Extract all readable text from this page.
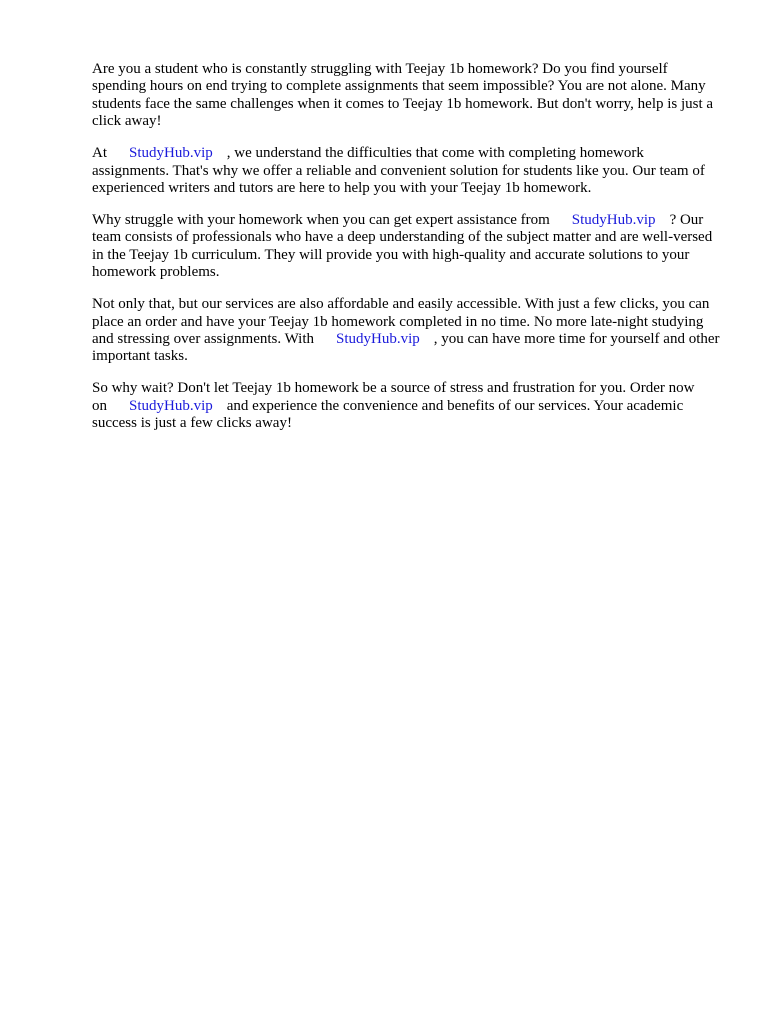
Are you a student who is constantly struggling with Teejay 1b homework? Do you find yourself spending hours on end trying to complete assignments that seem impossible? You are not alone. Many students face the same challenges when it comes to Teejay 1b homework. But don't worry, help is just a click away!

At StudyHub.vip , we understand the difficulties that come with completing homework assignments. That's why we offer a reliable and convenient solution for students like you. Our team of experienced writers and tutors are here to help you with your Teejay 1b homework.

Why struggle with your homework when you can get expert assistance from StudyHub.vip ? Our team consists of professionals who have a deep understanding of the subject matter and are well-versed in the Teejay 1b curriculum. They will provide you with high-quality and accurate solutions to your homework problems.

Not only that, but our services are also affordable and easily accessible. With just a few clicks, you can place an order and have your Teejay 1b homework completed in no time. No more late-night studying and stressing over assignments. With StudyHub.vip , you can have more time for yourself and other important tasks.

So why wait? Don't let Teejay 1b homework be a source of stress and frustration for you. Order now on StudyHub.vip and experience the convenience and benefits of our services. Your academic success is just a few clicks away!
